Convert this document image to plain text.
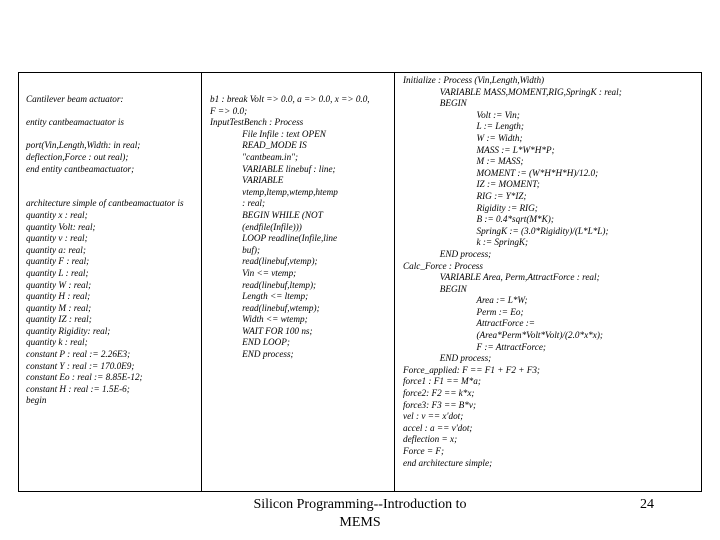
Cantilever beam actuator:
entity cantbeamactuator is
port(Vin,Length,Width: in real;
deflection,Force : out real);
end entity cantbeamactuator;
architecture simple of cantbeamactuator is
quantity x : real;
quantity Volt: real;
quantity v : real;
quantity a: real;
quantity F : real;
quantity L : real;
quantity W : real;
quantity H : real;
quantity M : real;
quantity IZ : real;
quantity Rigidity: real;
quantity k : real;
constant P : real := 2.26E3;
constant Y : real := 170.0E9;
constant Eo : real := 8.85E-12;
constant H : real := 1.5E-6;
begin
b1 : break Volt => 0.0, a => 0.0, x => 0.0,
F => 0.0;
InputTestBench : Process
File Infile : text OPEN
READ_MODE IS
"cantbeam.in";
VARIABLE linebuf : line;
VARIABLE
vtemp,ltemp,wtemp,htemp
: real;
BEGIN WHILE (NOT
(endfile(Infile)))
LOOP readline(Infile,line
buf);
read(linebuf,vtemp);
Vin <= vtemp;
read(linebuf,ltemp);
Length <= ltemp;
read(linebuf,wtemp);
Width <= wtemp;
WAIT FOR 100 ns;
END LOOP;
END process;
Initialize : Process (Vin,Length,Width)
VARIABLE MASS,MOMENT,RIG,SpringK : real;
BEGIN
Volt := Vin;
L := Length;
W := Width;
MASS := L*W*H*P;
M := MASS;
MOMENT := (W*H*H*H)/12.0;
IZ := MOMENT;
RIG := Y*IZ;
Rigidity := RIG;
B := 0.4*sqrt(M*K);
SpringK := (3.0*Rigidity)/(L*L*L);
k := SpringK;
END process;
Calc_Force : Process
VARIABLE Area, Perm,AttractForce : real;
BEGIN
Area := L*W;
Perm := Eo;
AttractForce :=
(Area*Perm*Volt*Volt)/(2.0*x*x);
F := AttractForce;
END process;
Force_applied: F == F1 + F2 + F3;
force1 : F1 == M*a;
force2: F2 == k*x;
force3: F3 == B*v;
vel : v == x'dot;
accel : a == v'dot;
deflection = x;
Force = F;
end architecture simple;
Silicon Programming--Introduction to MEMS
24
